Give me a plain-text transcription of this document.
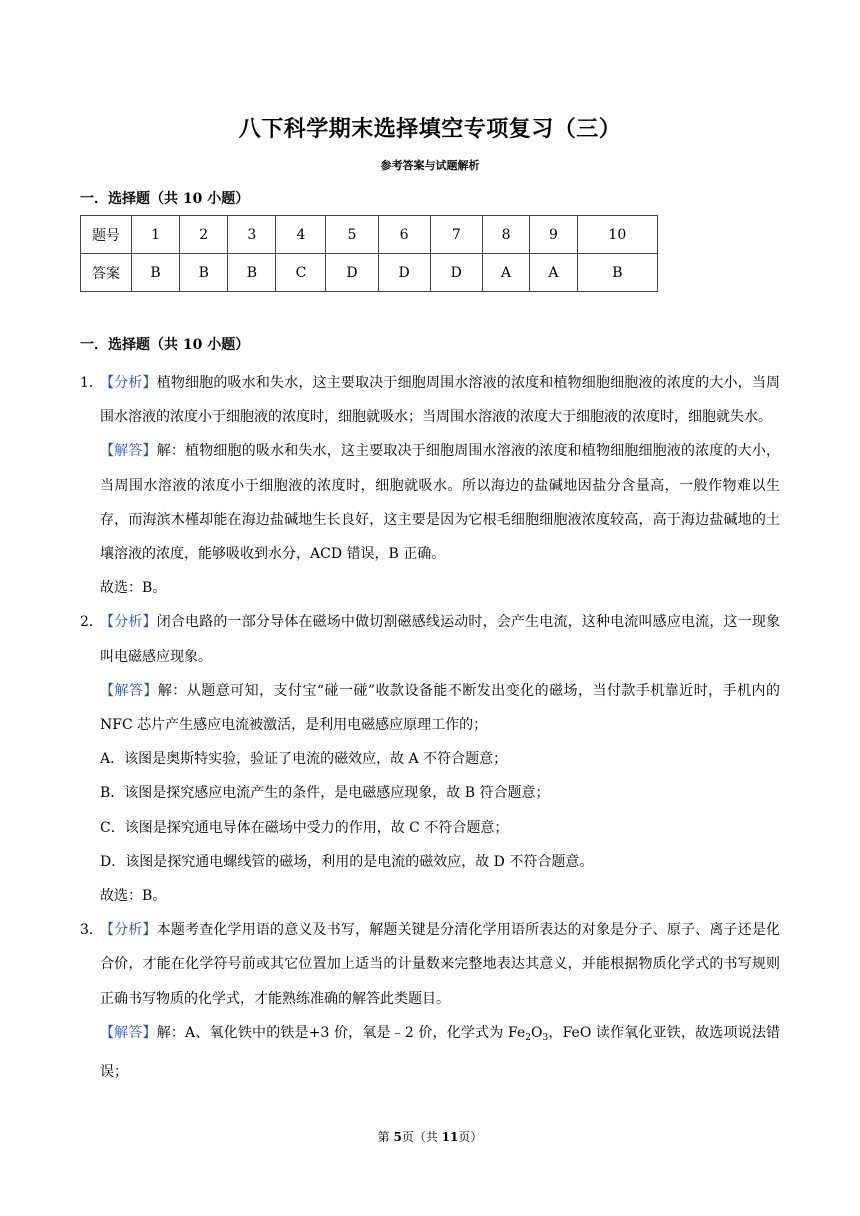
八下科学期末选择填空专项复习（三）
参考答案与试题解析
一．选择题（共 10 小题）
题号	1	2	3	4	5	6	7	8	9	10
答案	B	B	B	C	D	D	D	A	A	B
一．选择题（共 10 小题）
1．

【分析】植物细胞的吸水和失水，这主要取决于细胞周围水溶液的浓度和植物细胞细胞液的浓度的大小，当周围水溶液的浓度小于细胞液的浓度时，细胞就吸水；当周围水溶液的浓度大于细胞液的浓度时，细胞就失水。

【解答】解：植物细胞的吸水和失水，这主要取决于细胞周围水溶液的浓度和植物细胞细胞液的浓度的大小，当周围水溶液的浓度小于细胞液的浓度时，细胞就吸水。所以海边的盐碱地因盐分含量高，一般作物难以生存，而海滨木槿却能在海边盐碱地生长良好，这主要是因为它根毛细胞细胞液浓度较高，高于海边盐碱地的土壤溶液的浓度，能够吸收到水分，ACD 错误，B 正确。

故选：B。

2．

【分析】闭合电路的一部分导体在磁场中做切割磁感线运动时，会产生电流，这种电流叫感应电流，这一现象叫电磁感应现象。

【解答】解：从题意可知，支付宝“碰一碰”收款设备能不断发出变化的磁场，当付款手机靠近时，手机内的 NFC 芯片产生感应电流被激活，是利用电磁感应原理工作的；

A．该图是奥斯特实验，验证了电流的磁效应，故 A 不符合题意；

B．该图是探究感应电流产生的条件，是电磁感应现象，故 B 符合题意；

C．该图是探究通电导体在磁场中受力的作用，故 C 不符合题意；

D．该图是探究通电螺线管的磁场，利用的是电流的磁效应，故 D 不符合题意。

故选：B。

3．

【分析】本题考查化学用语的意义及书写，解题关键是分清化学用语所表达的对象是分子、原子、离子还是化合价，才能在化学符号前或其它位置加上适当的计量数来完整地表达其意义，并能根据物质化学式的书写规则正确书写物质的化学式，才能熟练准确的解答此类题目。

【解答】解：A、氧化铁中的铁是+3 价，氧是﹣2 价，化学式为 $Fe_2O_3$，FeO 读作氧化亚铁，故选项说法错误；

第 5页（共 11页）
